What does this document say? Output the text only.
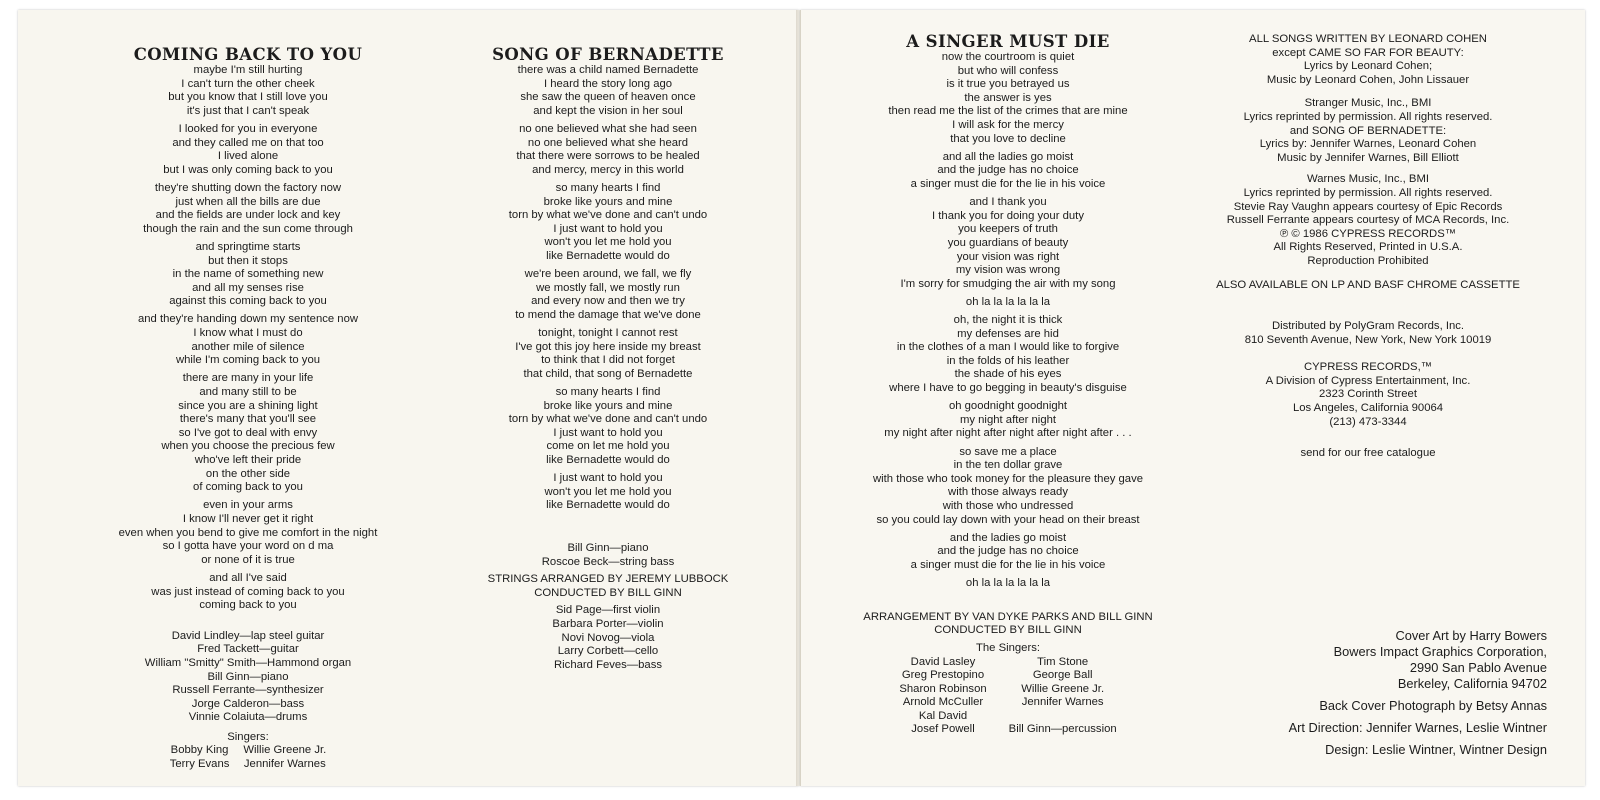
COMING BACK TO YOU
maybe I'm still hurting
I can't turn the other cheek
but you know that I still love you
it's just that I can't speak
I looked for you in everyone
and they called me on that too
I lived alone
but I was only coming back to you
they're shutting down the factory now
just when all the bills are due
and the fields are under lock and key
though the rain and the sun come through
and springtime starts
but then it stops
in the name of something new
and all my senses rise
against this coming back to you
and they're handing down my sentence now
I know what I must do
another mile of silence
while I'm coming back to you
there are many in your life
and many still to be
since you are a shining light
there's many that you'll see
so I've got to deal with envy
when you choose the precious few
who've left their pride
on the other side
of coming back to you
even in your arms
I know I'll never get it right
even when you bend to give me comfort in the night
so I gotta have your word on d ma
or none of it is true
and all I've said
was just instead of coming back to you
coming back to you
David Lindley—lap steel guitar
Fred Tackett—guitar
William "Smitty" Smith—Hammond organ
Bill Ginn—piano
Russell Ferrante—synthesizer
Jorge Calderon—bass
Vinnie Colaiuta—drums
Singers:
Bobby King
Terry Evans
Willie Greene Jr.
Jennifer Warnes
SONG OF BERNADETTE
there was a child named Bernadette
I heard the story long ago
she saw the queen of heaven once
and kept the vision in her soul
no one believed what she had seen
no one believed what she heard
that there were sorrows to be healed
and mercy, mercy in this world
so many hearts I find
broke like yours and mine
torn by what we've done and can't undo
I just want to hold you
won't you let me hold you
like Bernadette would do
we're been around, we fall, we fly
we mostly fall, we mostly run
and every now and then we try
to mend the damage that we've done
tonight, tonight I cannot rest
I've got this joy here inside my breast
to think that I did not forget
that child, that song of Bernadette
so many hearts I find
broke like yours and mine
torn by what we've done and can't undo
I just want to hold you
come on let me hold you
like Bernadette would do
I just want to hold you
won't you let me hold you
like Bernadette would do
Bill Ginn—piano
Roscoe Beck—string bass
STRINGS ARRANGED BY JEREMY LUBBOCK
CONDUCTED BY BILL GINN
Sid Page—first violin
Barbara Porter—violin
Novi Novog—viola
Larry Corbett—cello
Richard Feves—bass
A SINGER MUST DIE
now the courtroom is quiet
but who will confess
is it true you betrayed us
the answer is yes
then read me the list of the crimes that are mine
I will ask for the mercy
that you love to decline
and all the ladies go moist
and the judge has no choice
a singer must die for the lie in his voice
and I thank you
I thank you for doing your duty
you keepers of truth
you guardians of beauty
your vision was right
my vision was wrong
I'm sorry for smudging the air with my song
oh la la la la la la
oh, the night it is thick
my defenses are hid
in the clothes of a man I would like to forgive
in the folds of his leather
the shade of his eyes
where I have to go begging in beauty's disguise
oh goodnight goodnight
my night after night
my night after night after night after night after . . .
so save me a place
in the ten dollar grave
with those who took money for the pleasure they gave
with those always ready
with those who undressed
so you could lay down with your head on their breast
and the ladies go moist
and the judge has no choice
a singer must die for the lie in his voice
oh la la la la la la
ARRANGEMENT BY VAN DYKE PARKS AND BILL GINN
CONDUCTED BY BILL GINN
The Singers:
David Lasley
Greg Prestopino
Sharon Robinson
Arnold McCuller
Kal David
Josef Powell
Tim Stone
George Ball
Willie Greene Jr.
Jennifer Warnes

Bill Ginn—percussion
ALL SONGS WRITTEN BY LEONARD COHEN
except CAME SO FAR FOR BEAUTY:
Lyrics by Leonard Cohen;
Music by Leonard Cohen, John Lissauer
Stranger Music, Inc., BMI
Lyrics reprinted by permission. All rights reserved.
and SONG OF BERNADETTE:
Lyrics by: Jennifer Warnes, Leonard Cohen
Music by Jennifer Warnes, Bill Elliott
Warnes Music, Inc., BMI
Lyrics reprinted by permission. All rights reserved.
Stevie Ray Vaughn appears courtesy of Epic Records
Russell Ferrante appears courtesy of MCA Records, Inc.
℗ © 1986 CYPRESS RECORDS™
All Rights Reserved, Printed in U.S.A.
Reproduction Prohibited
ALSO AVAILABLE ON LP AND BASF CHROME CASSETTE
Distributed by PolyGram Records, Inc.
810 Seventh Avenue, New York, New York 10019
CYPRESS RECORDS,™
A Division of Cypress Entertainment, Inc.
2323 Corinth Street
Los Angeles, California 90064
(213) 473-3344
send for our free catalogue
Cover Art by Harry Bowers
Bowers Impact Graphics Corporation,
2990 San Pablo Avenue
Berkeley, California 94702
Back Cover Photograph by Betsy Annas
Art Direction: Jennifer Warnes, Leslie Wintner
Design: Leslie Wintner, Wintner Design
